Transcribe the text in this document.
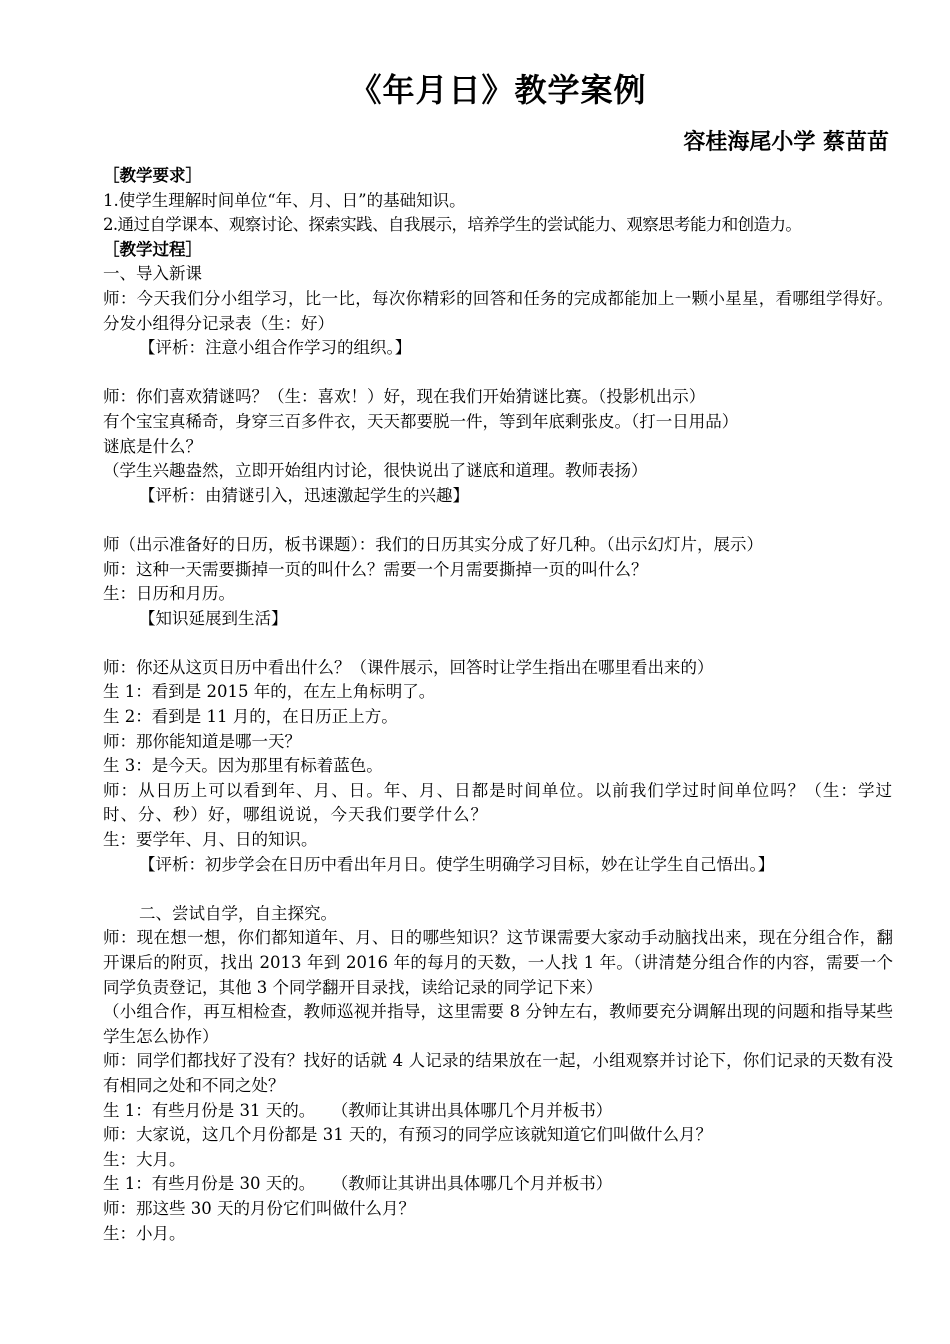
《年月日》教学案例
容桂海尾小学 蔡苗苗

［教学要求］

1.使学生理解时间单位“年、月、日”的基础知识。

2.通过自学课本、观察讨论、探索实践、自我展示，培养学生的尝试能力、观察思考能力和创造力。

［教学过程］

一、导入新课

师：今天我们分小组学习，比一比，每次你精彩的回答和任务的完成都能加上一颗小星星，看哪组学得好。分发小组得分记录表（生：好）

【评析：注意小组合作学习的组织。】

师：你们喜欢猜谜吗？（生：喜欢！）好，现在我们开始猜谜比赛。（投影机出示）

有个宝宝真稀奇，身穿三百多件衣，天天都要脱一件，等到年底剩张皮。（打一日用品）

谜底是什么？

（学生兴趣盎然，立即开始组内讨论，很快说出了谜底和道理。教师表扬）

【评析：由猜谜引入，迅速激起学生的兴趣】

师（出示准备好的日历，板书课题）：我们的日历其实分成了好几种。（出示幻灯片，展示）

师：这种一天需要撕掉一页的叫什么？需要一个月需要撕掉一页的叫什么？

生：日历和月历。

【知识延展到生活】

师：你还从这页日历中看出什么？（课件展示，回答时让学生指出在哪里看出来的）

生 1：看到是 2015 年的，在左上角标明了。

生 2：看到是 11 月的，在日历正上方。

师：那你能知道是哪一天？

生 3：是今天。因为那里有标着蓝色。

师：从日历上可以看到年、月、日。年、月、日都是时间单位。以前我们学过时间单位吗？（生：学过时、分、秒）好，哪组说说，今天我们要学什么？

生：要学年、月、日的知识。

【评析：初步学会在日历中看出年月日。使学生明确学习目标，妙在让学生自己悟出。】

二、尝试自学，自主探究。

师：现在想一想，你们都知道年、月、日的哪些知识？这节课需要大家动手动脑找出来，现在分组合作，翻开课后的附页，找出 2013 年到 2016 年的每月的天数，一人找 1 年。（讲清楚分组合作的内容，需要一个同学负责登记，其他 3 个同学翻开目录找，读给记录的同学记下来）

（小组合作，再互相检查，教师巡视并指导，这里需要 8 分钟左右，教师要充分调解出现的问题和指导某些学生怎么协作）

师：同学们都找好了没有？找好的话就 4 人记录的结果放在一起，小组观察并讨论下，你们记录的天数有没有相同之处和不同之处？

生 1：有些月份是 31 天的。　　（教师让其讲出具体哪几个月并板书）

师：大家说，这几个月份都是 31 天的，有预习的同学应该就知道它们叫做什么月？

生：大月。

生 1：有些月份是 30 天的。　　（教师让其讲出具体哪几个月并板书）

师：那这些 30 天的月份它们叫做什么月？

生：小月。
